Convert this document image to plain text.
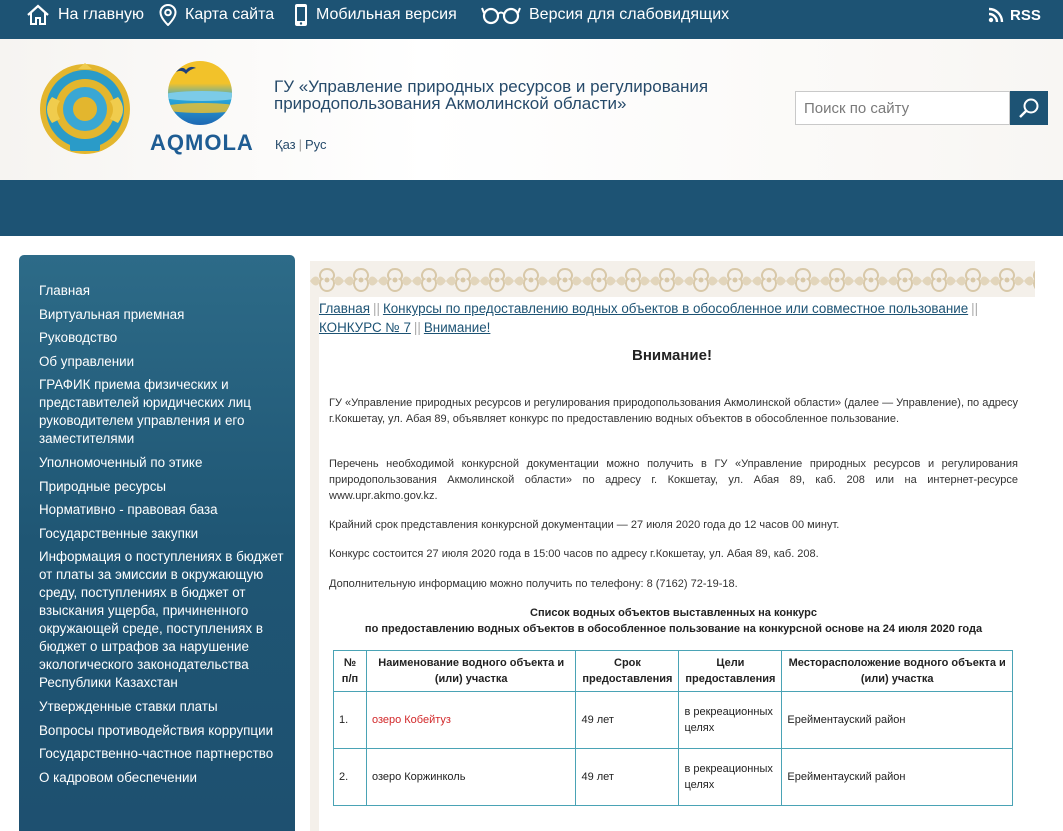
На главную	Карта сайта	Мобильная версия	Версия для слабовидящих	RSS
AQMOLA
ГУ «Управление природных ресурсов и регулирования природопользования Акмолинской области»
Қаз | Рус
Поиск по сайту
Главная
Виртуальная приемная
Руководство
Об управлении
ГРАФИК приема физических и представителей юридических лиц руководителем управления и его заместителями
Уполномоченный по этике
Природные ресурсы
Нормативно - правовая база
Государственные закупки
Информация о поступлениях в бюджет от платы за эмиссии в окружающую среду, поступлениях в бюджет от взыскания ущерба, причиненного окружающей среде, поступлениях в бюджет о штрафов за нарушение экологического законодательства Республики Казахстан
Утвержденные ставки платы
Вопросы противодействия коррупции
Государственно-частное партнерство
О кадровом обеспечении
Главная || Конкурсы по предоставлению водных объектов в обособленное или совместное пользование ||
КОНКУРС № 7 || Внимание!
Внимание!
ГУ «Управление природных ресурсов и регулирования природопользования Акмолинской области» (далее — Управление), по адресу г.Кокшетау, ул. Абая 89, объявляет конкурс по предоставлению водных объектов в обособленное пользование.
Перечень необходимой конкурсной документации можно получить в ГУ «Управление природных ресурсов и регулирования природопользования Акмолинской области» по адресу г. Кокшетау, ул. Абая 89, каб. 208 или на интернет-ресурсе www.upr.akmo.gov.kz.
Крайний срок представления конкурсной документации — 27 июля 2020 года до 12 часов 00 минут.
Конкурс состоится 27 июля 2020 года в 15:00 часов по адресу г.Кокшетау, ул. Абая 89, каб. 208.
Дополнительную информацию можно получить по телефону: 8 (7162) 72-19-18.
Список водных объектов выставленных на конкурс
по предоставлению водных объектов в обособленное пользование на конкурсной основе на 24 июля 2020 года
№ п/п	Наименование водного объекта и (или) участка	Срок предоставления	Цели предоставления	Месторасположение водного объекта и (или) участка
1.	озеро Кобейтуз	49 лет	в рекреационных целях	Ерейментауский район
2.	озеро Коржинколь	49 лет	в рекреационных целях	Ерейментауский район
